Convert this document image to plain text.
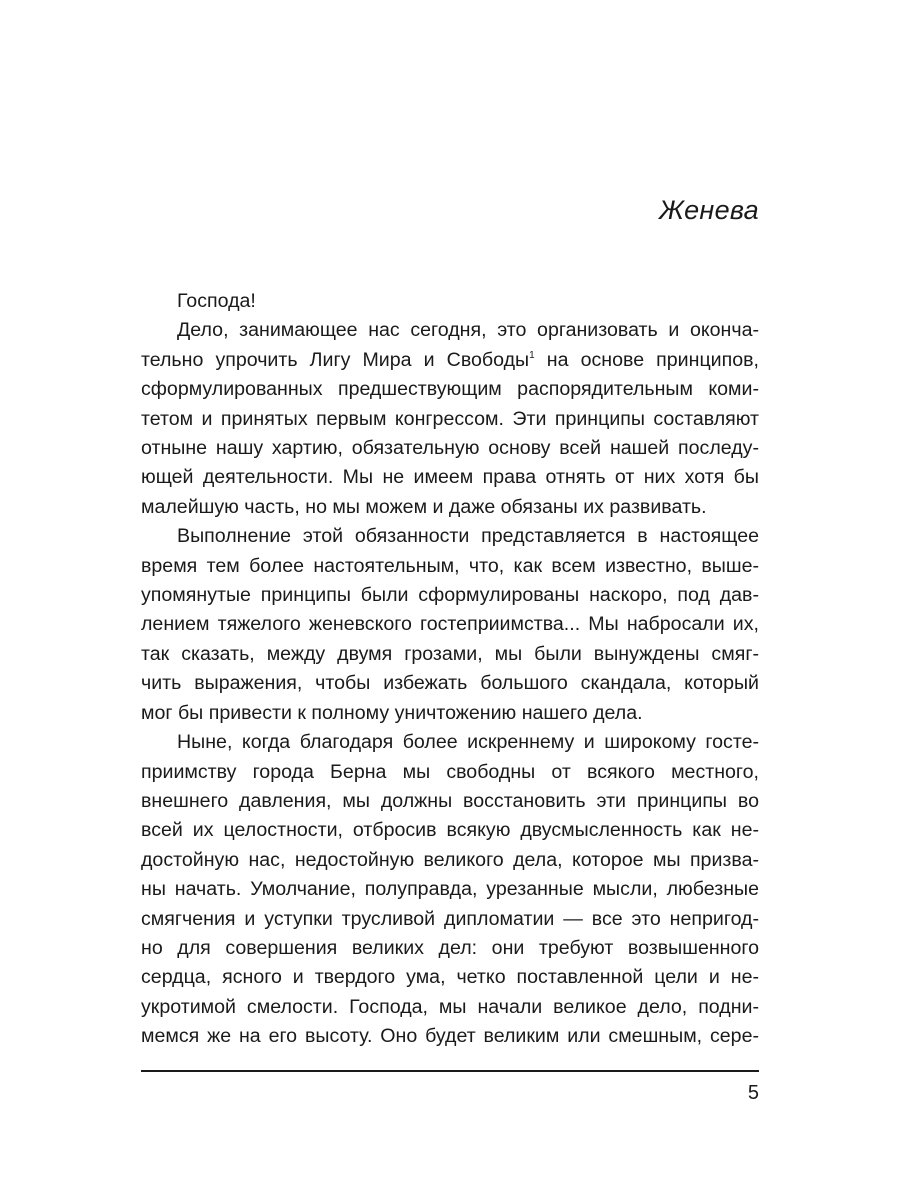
Женева
Господа!
Дело, занимающее нас сегодня, это организовать и оконча-
тельно упрочить Лигу Мира и Свободы$^1$ на основе принципов,
сформулированных предшествующим распорядительным коми-
тетом и принятых первым конгрессом. Эти принципы составляют
отныне нашу хартию, обязательную основу всей нашей последу-
ющей деятельности. Мы не имеем права отнять от них хотя бы
малейшую часть, но мы можем и даже обязаны их развивать.
Выполнение этой обязанности представляется в настоящее
время тем более настоятельным, что, как всем известно, выше-
упомянутые принципы были сформулированы наскоро, под дав-
лением тяжелого женевского гостеприимства... Мы набросали их,
так сказать, между двумя грозами, мы были вынуждены смяг-
чить выражения, чтобы избежать большого скандала, который
мог бы привести к полному уничтожению нашего дела.
Ныне, когда благодаря более искреннему и широкому госте-
приимству города Берна мы свободны от всякого местного,
внешнего давления, мы должны восстановить эти принципы во
всей их целостности, отбросив всякую двусмысленность как не-
достойную нас, недостойную великого дела, которое мы призва-
ны начать. Умолчание, полуправда, урезанные мысли, любезные
смягчения и уступки трусливой дипломатии — все это непригод-
но для совершения великих дел: они требуют возвышенного
сердца, ясного и твердого ума, четко поставленной цели и не-
укротимой смелости. Господа, мы начали великое дело, подни-
мемся же на его высоту. Оно будет великим или смешным, сере-
5
